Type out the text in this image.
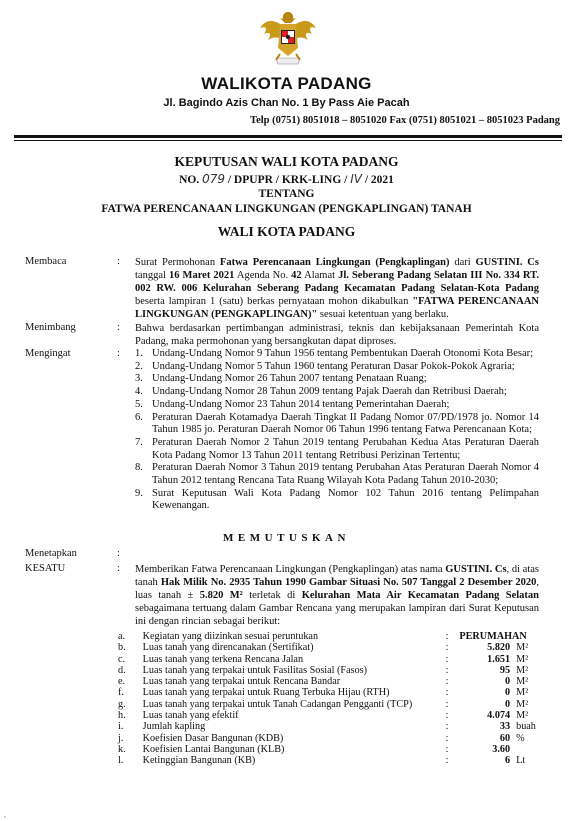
WALIKOTA PADANG
Jl. Bagindo Azis Chan No. 1 By Pass Aie Pacah
Telp (0751) 8051018 – 8051020 Fax (0751) 8051021 – 8051023 Padang
KEPUTUSAN WALI KOTA PADANG
NO. 079 / DPUPR / KRK-LING / IV / 2021
TENTANG
FATWA PERENCANAAN LINGKUNGAN (PENGKAPLINGAN) TANAH
WALI KOTA PADANG
Membaca	: Surat Permohonan Fatwa Perencanaan Lingkungan (Pengkaplingan) dari GUSTINI. Cs tanggal 16 Maret 2021 Agenda No. 42 Alamat Jl. Seberang Padang Selatan III No. 334 RT. 002 RW. 006 Kelurahan Seberang Padang Kecamatan Padang Selatan-Kota Padang beserta lampiran 1 (satu) berkas pernyataan mohon dikabulkan "FATWA PERENCANAAN LINGKUNGAN (PENGKAPLINGAN)" sesuai ketentuan yang berlaku.
Menimbang	: Bahwa berdasarkan pertimbangan administrasi, teknis dan kebijaksanaan Pemerintah Kota Padang, maka permohonan yang bersangkutan dapat diproses.
Mengingat	: 1. Undang-Undang Nomor 9 Tahun 1956 tentang Pembentukan Daerah Otonomi Kota Besar;
2. Undang-Undang Nomor 5 Tahun 1960 tentang Peraturan Dasar Pokok-Pokok Agraria;
3. Undang-Undang Nomor 26 Tahun 2007 tentang Penataan Ruang;
4. Undang-Undang Nomor 28 Tahun 2009 tentang Pajak Daerah dan Retribusi Daerah;
5. Undang-Undang Nomor 23 Tahun 2014 tentang Pemerintahan Daerah;
6. Peraturan Daerah Kotamadya Daerah Tingkat II Padang Nomor 07/PD/1978 jo. Nomor 14 Tahun 1985 jo. Peraturan Daerah Nomor 06 Tahun 1996 tentang Fatwa Perencanaan Kota;
7. Peraturan Daerah Nomor 2 Tahun 2019 tentang Perubahan Kedua Atas Peraturan Daerah Kota Padang Nomor 13 Tahun 2011 tentang Retribusi Perizinan Tertentu;
8. Peraturan Daerah Nomor 3 Tahun 2019 tentang Perubahan Atas Peraturan Daerah Nomor 4 Tahun 2012 tentang Rencana Tata Ruang Wilayah Kota Padang Tahun 2010-2030;
9. Surat Keputusan Wali Kota Padang Nomor 102 Tahun 2016 tentang Pelimpahan Kewenangan.
MEMUTUSKAN
Menetapkan	:
KESATU	: Memberikan Fatwa Perencanaan Lingkungan (Pengkaplingan) atas nama GUSTINI. Cs, di atas tanah Hak Milik No. 2935 Tahun 1990 Gambar Situasi No. 507 Tanggal 2 Desember 2020, luas tanah ± 5.820 M² terletak di Kelurahan Mata Air Kecamatan Padang Selatan sebagaimana tertuang dalam Gambar Rencana yang merupakan lampiran dari Surat Keputusan ini dengan rincian sebagai berikut:
a.	Kegiatan yang diizinkan sesuai peruntukan	:	PERUMAHAN	
b.	Luas tanah yang direncanakan (Sertifikat)	:	5.820	M²
c.	Luas tanah yang terkena Rencana Jalan	:	1.651	M²
d.	Luas tanah yang terpakai untuk Fasilitas Sosial (Fasos)	:	95	M²
e.	Luas tanah yang terpakai untuk Rencana Bandar	:	0	M²
f.	Luas tanah yang terpakai untuk Ruang Terbuka Hijau (RTH)	:	0	M²
g.	Luas tanah yang terpakai untuk Tanah Cadangan Pengganti (TCP)	:	0	M²
h.	Luas tanah yang efektif	:	4.074	M²
i.	Jumlah kapling	:	33	buah
j.	Koefisien Dasar Bangunan (KDB)	:	60	%
k.	Koefisien Lantai Bangunan (KLB)	:	3.60	
l.	Ketinggian Bangunan (KB)	:	6	Lt
,
